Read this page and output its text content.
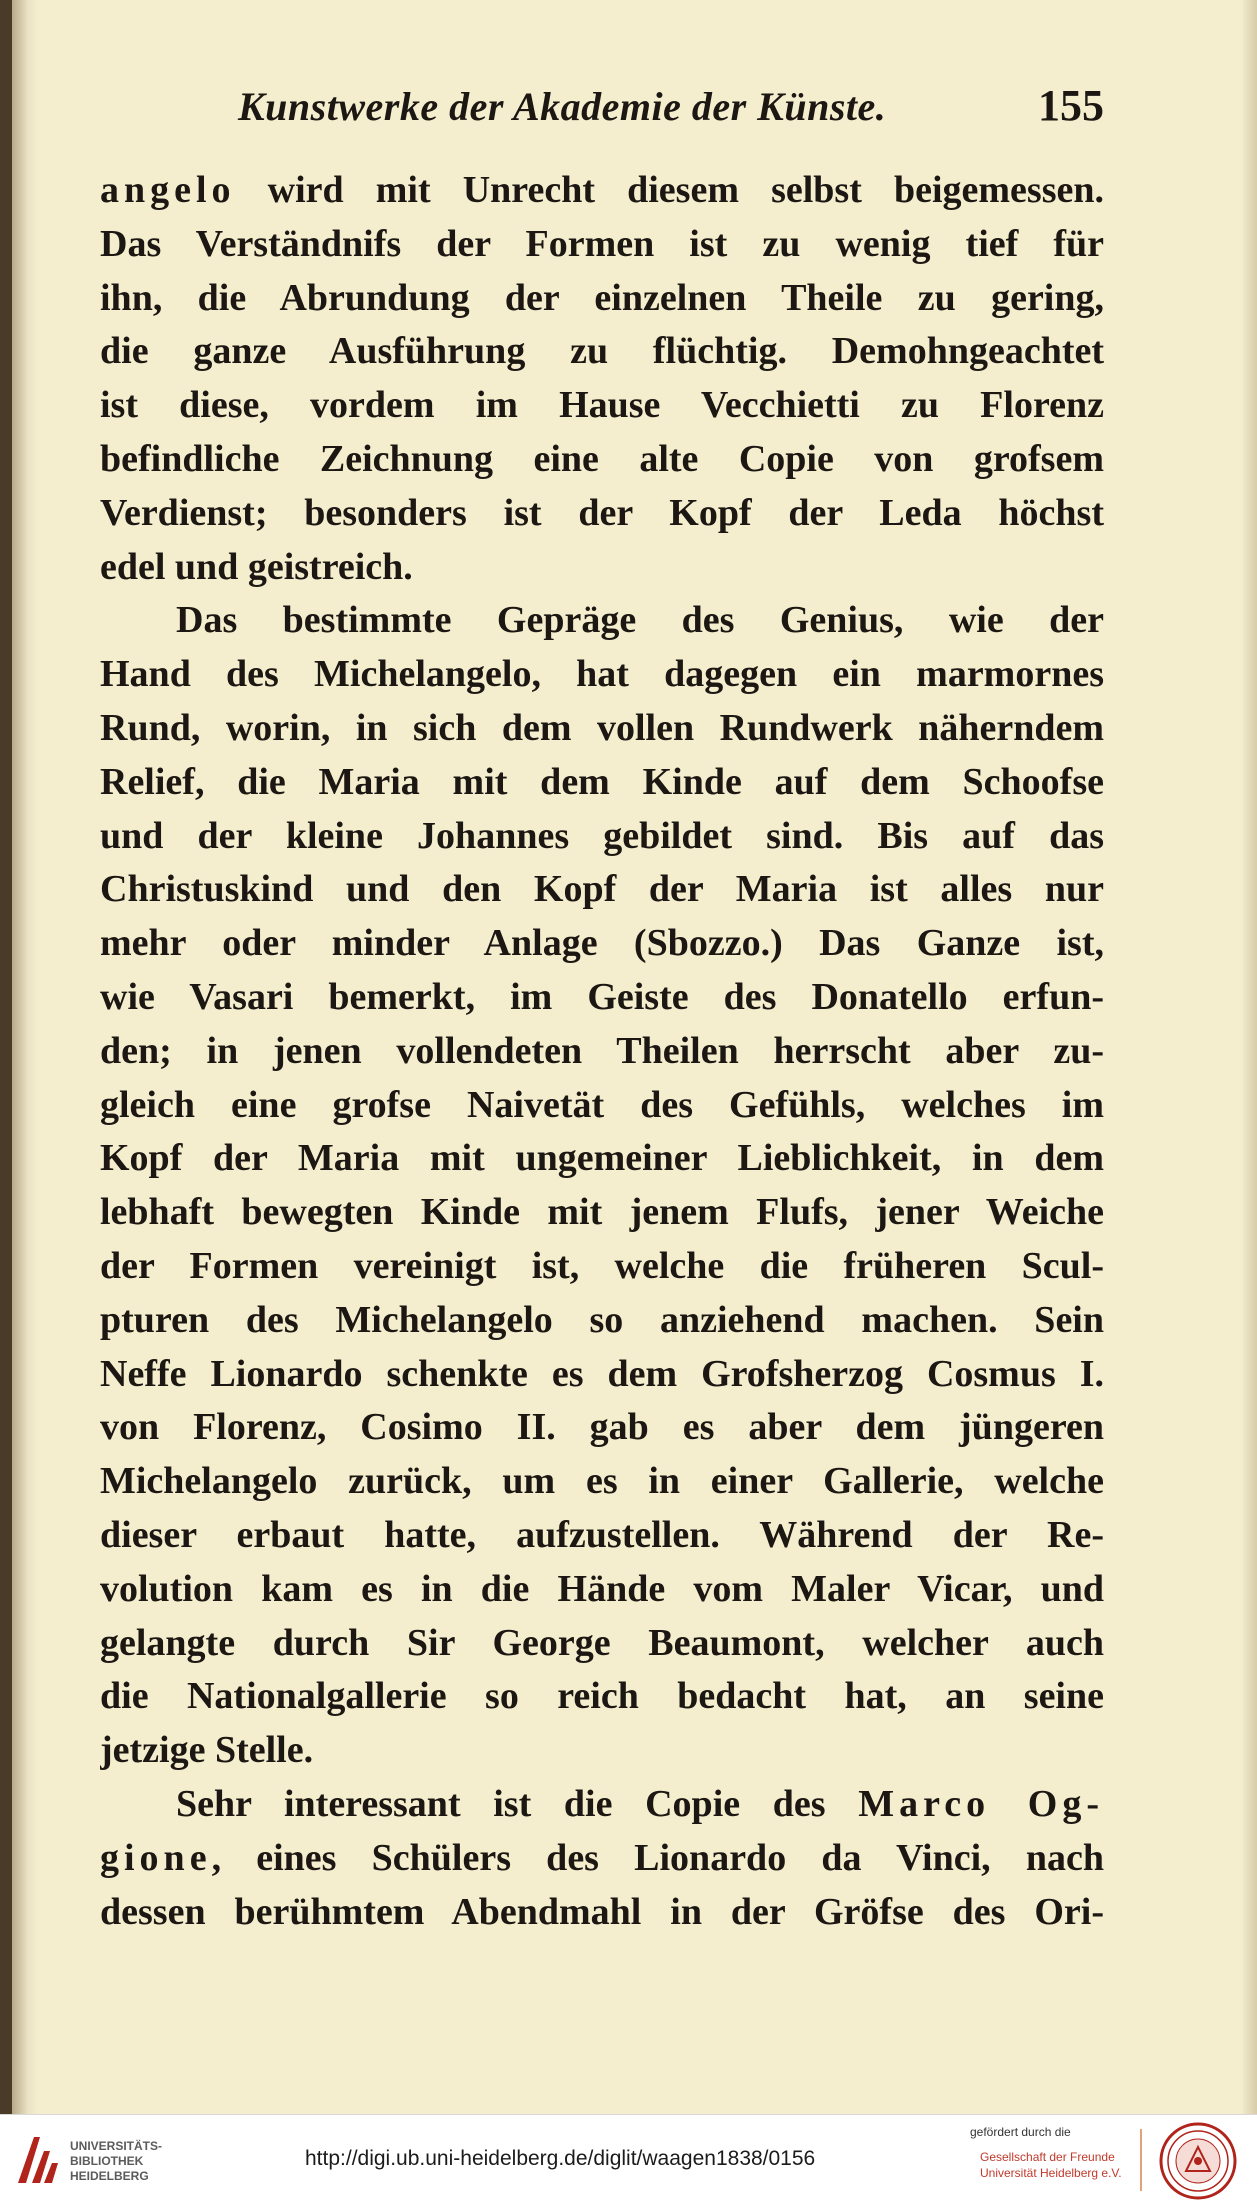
Kunstwerke der Akademie der Künste.	155
angelo wird mit Unrecht diesem selbst beigemessen.
Das Verständnifs der Formen ist zu wenig tief für
ihn, die Abrundung der einzelnen Theile zu gering,
die ganze Ausführung zu flüchtig. Demohngeachtet
ist diese, vordem im Hause Vecchietti zu Florenz
befindliche Zeichnung eine alte Copie von grofsem
Verdienst; besonders ist der Kopf der Leda höchst
edel und geistreich.
Das bestimmte Gepräge des Genius, wie der
Hand des Michelangelo, hat dagegen ein marmornes
Rund, worin, in sich dem vollen Rundwerk näherndem
Relief, die Maria mit dem Kinde auf dem Schoofse
und der kleine Johannes gebildet sind. Bis auf das
Christuskind und den Kopf der Maria ist alles nur
mehr oder minder Anlage (Sbozzo.) Das Ganze ist,
wie Vasari bemerkt, im Geiste des Donatello erfun-
den; in jenen vollendeten Theilen herrscht aber zu-
gleich eine grofse Naivetät des Gefühls, welches im
Kopf der Maria mit ungemeiner Lieblichkeit, in dem
lebhaft bewegten Kinde mit jenem Flufs, jener Weiche
der Formen vereinigt ist, welche die früheren Scul-
pturen des Michelangelo so anziehend machen. Sein
Neffe Lionardo schenkte es dem Grofsherzog Cosmus I.
von Florenz, Cosimo II. gab es aber dem jüngeren
Michelangelo zurück, um es in einer Gallerie, welche
dieser erbaut hatte, aufzustellen. Während der Re-
volution kam es in die Hände vom Maler Vicar, und
gelangte durch Sir George Beaumont, welcher auch
die Nationalgallerie so reich bedacht hat, an seine
jetzige Stelle.
Sehr interessant ist die Copie des Marco Og-
gione, eines Schülers des Lionardo da Vinci, nach
dessen berühmtem Abendmahl in der Gröfse des Ori-
UNIVERSITÄTS-
BIBLIOTHEK
HEIDELBERG
http://digi.ub.uni-heidelberg.de/diglit/waagen1838/0156
gefördert durch die
Gesellschaft der Freunde
Universität Heidelberg e.V.
